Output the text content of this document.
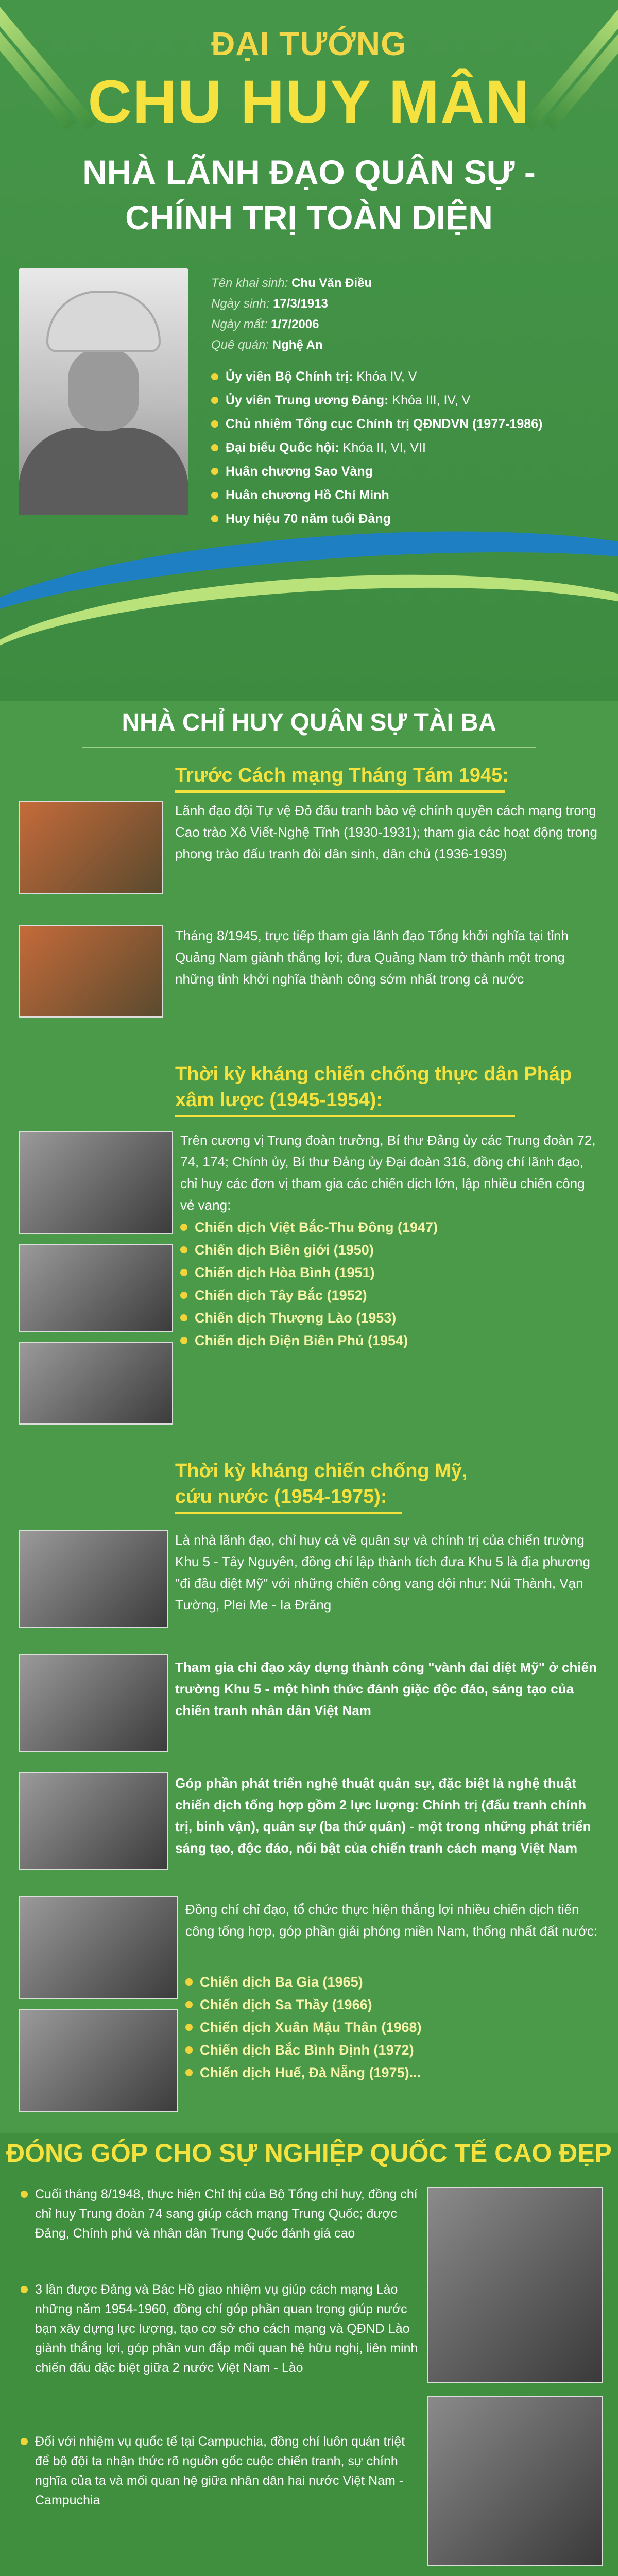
ĐẠI TƯỚNG
CHU HUY MÂN
NHÀ LÃNH ĐẠO QUÂN SỰ -
CHÍNH TRỊ TOÀN DIỆN
Tên khai sinh: Chu Văn Điều
Ngày sinh: 17/3/1913
Ngày mất: 1/7/2006
Quê quán: Nghệ An
Ủy viên Bộ Chính trị:
Khóa IV, V
Ủy viên Trung ương Đảng:
Khóa III, IV, V
Chủ nhiệm Tổng cục Chính trị QĐNDVN (1977-1986)
Đại biểu Quốc hội:
Khóa II, VI, VII
Huân chương Sao Vàng
Huân chương Hồ Chí Minh
Huy hiệu 70 năm tuổi Đảng
NHÀ CHỈ HUY QUÂN SỰ TÀI BA
Trước Cách mạng Tháng Tám 1945:
Lãnh đạo đội Tự vệ Đỏ đấu tranh bảo vệ chính quyền cách mạng trong Cao trào Xô Viết-Nghệ Tĩnh (1930-1931); tham gia các hoạt động trong phong trào đấu tranh đòi dân sinh, dân chủ (1936-1939)
Tháng 8/1945, trực tiếp tham gia lãnh đạo Tổng khởi nghĩa tại tỉnh Quảng Nam giành thắng lợi; đưa Quảng Nam trở thành một trong những tỉnh khởi nghĩa thành công sớm nhất trong cả nước
Thời kỳ kháng chiến chống thực dân Pháp
xâm lược (1945-1954):
Trên cương vị Trung đoàn trưởng, Bí thư Đảng ủy các Trung đoàn 72, 74, 174; Chính ủy, Bí thư Đảng ủy Đại đoàn 316, đồng chí lãnh đạo, chỉ huy các đơn vị tham gia các chiến dịch lớn, lập nhiều chiến công vẻ vang:
Chiến dịch Việt Bắc-Thu Đông (1947)
Chiến dịch Biên giới (1950)
Chiến dịch Hòa Bình (1951)
Chiến dịch Tây Bắc (1952)
Chiến dịch Thượng Lào (1953)
Chiến dịch Điện Biên Phủ (1954)
Thời kỳ kháng chiến chống Mỹ,
cứu nước (1954-1975):
Là nhà lãnh đạo, chỉ huy cả về quân sự và chính trị của chiến trường Khu 5 - Tây Nguyên, đồng chí lập thành tích đưa Khu 5 là địa phương "đi đầu diệt Mỹ" với những chiến công vang dội như: Núi Thành, Vạn Tường, Plei Me - Ia Đrăng
Tham gia chỉ đạo xây dựng thành công "vành đai diệt Mỹ" ở chiến trường Khu 5 - một hình thức đánh giặc độc đáo, sáng tạo của chiến tranh nhân dân Việt Nam
Góp phần phát triển nghệ thuật quân sự, đặc biệt là nghệ thuật chiến dịch tổng hợp gồm 2 lực lượng: Chính trị (đấu tranh chính trị, binh vận), quân sự (ba thứ quân) - một trong những phát triển sáng tạo, độc đáo, nổi bật của chiến tranh cách mạng Việt Nam
Đồng chí chỉ đạo, tổ chức thực hiện thắng lợi nhiều chiến dịch tiến công tổng hợp, góp phần giải phóng miền Nam, thống nhất đất nước:
Chiến dịch Ba Gia (1965)
Chiến dịch Sa Thầy (1966)
Chiến dịch Xuân Mậu Thân (1968)
Chiến dịch Bắc Bình Định (1972)
Chiến dịch Huế, Đà Nẵng (1975)...
ĐÓNG GÓP CHO SỰ NGHIỆP QUỐC TẾ CAO ĐẸP
Cuối tháng 8/1948, thực hiện Chỉ thị của Bộ Tổng chỉ huy, đồng chí chỉ huy Trung đoàn 74 sang giúp cách mạng Trung Quốc; được Đảng, Chính phủ và nhân dân Trung Quốc đánh giá cao
3 lần được Đảng và Bác Hồ giao nhiệm vụ giúp cách mạng Lào những năm 1954-1960, đồng chí góp phần quan trọng giúp nước bạn xây dựng lực lượng, tạo cơ sở cho cách mạng và QĐND Lào giành thắng lợi, góp phần vun đắp mối quan hệ hữu nghị, liên minh chiến đấu đặc biệt giữa 2 nước Việt Nam - Lào
Đối với nhiệm vụ quốc tế tại Campuchia, đồng chí luôn quán triệt để bộ đội ta nhận thức rõ nguồn gốc cuộc chiến tranh, sự chính nghĩa của ta và mối quan hệ giữa nhân dân hai nước Việt Nam - Campuchia
